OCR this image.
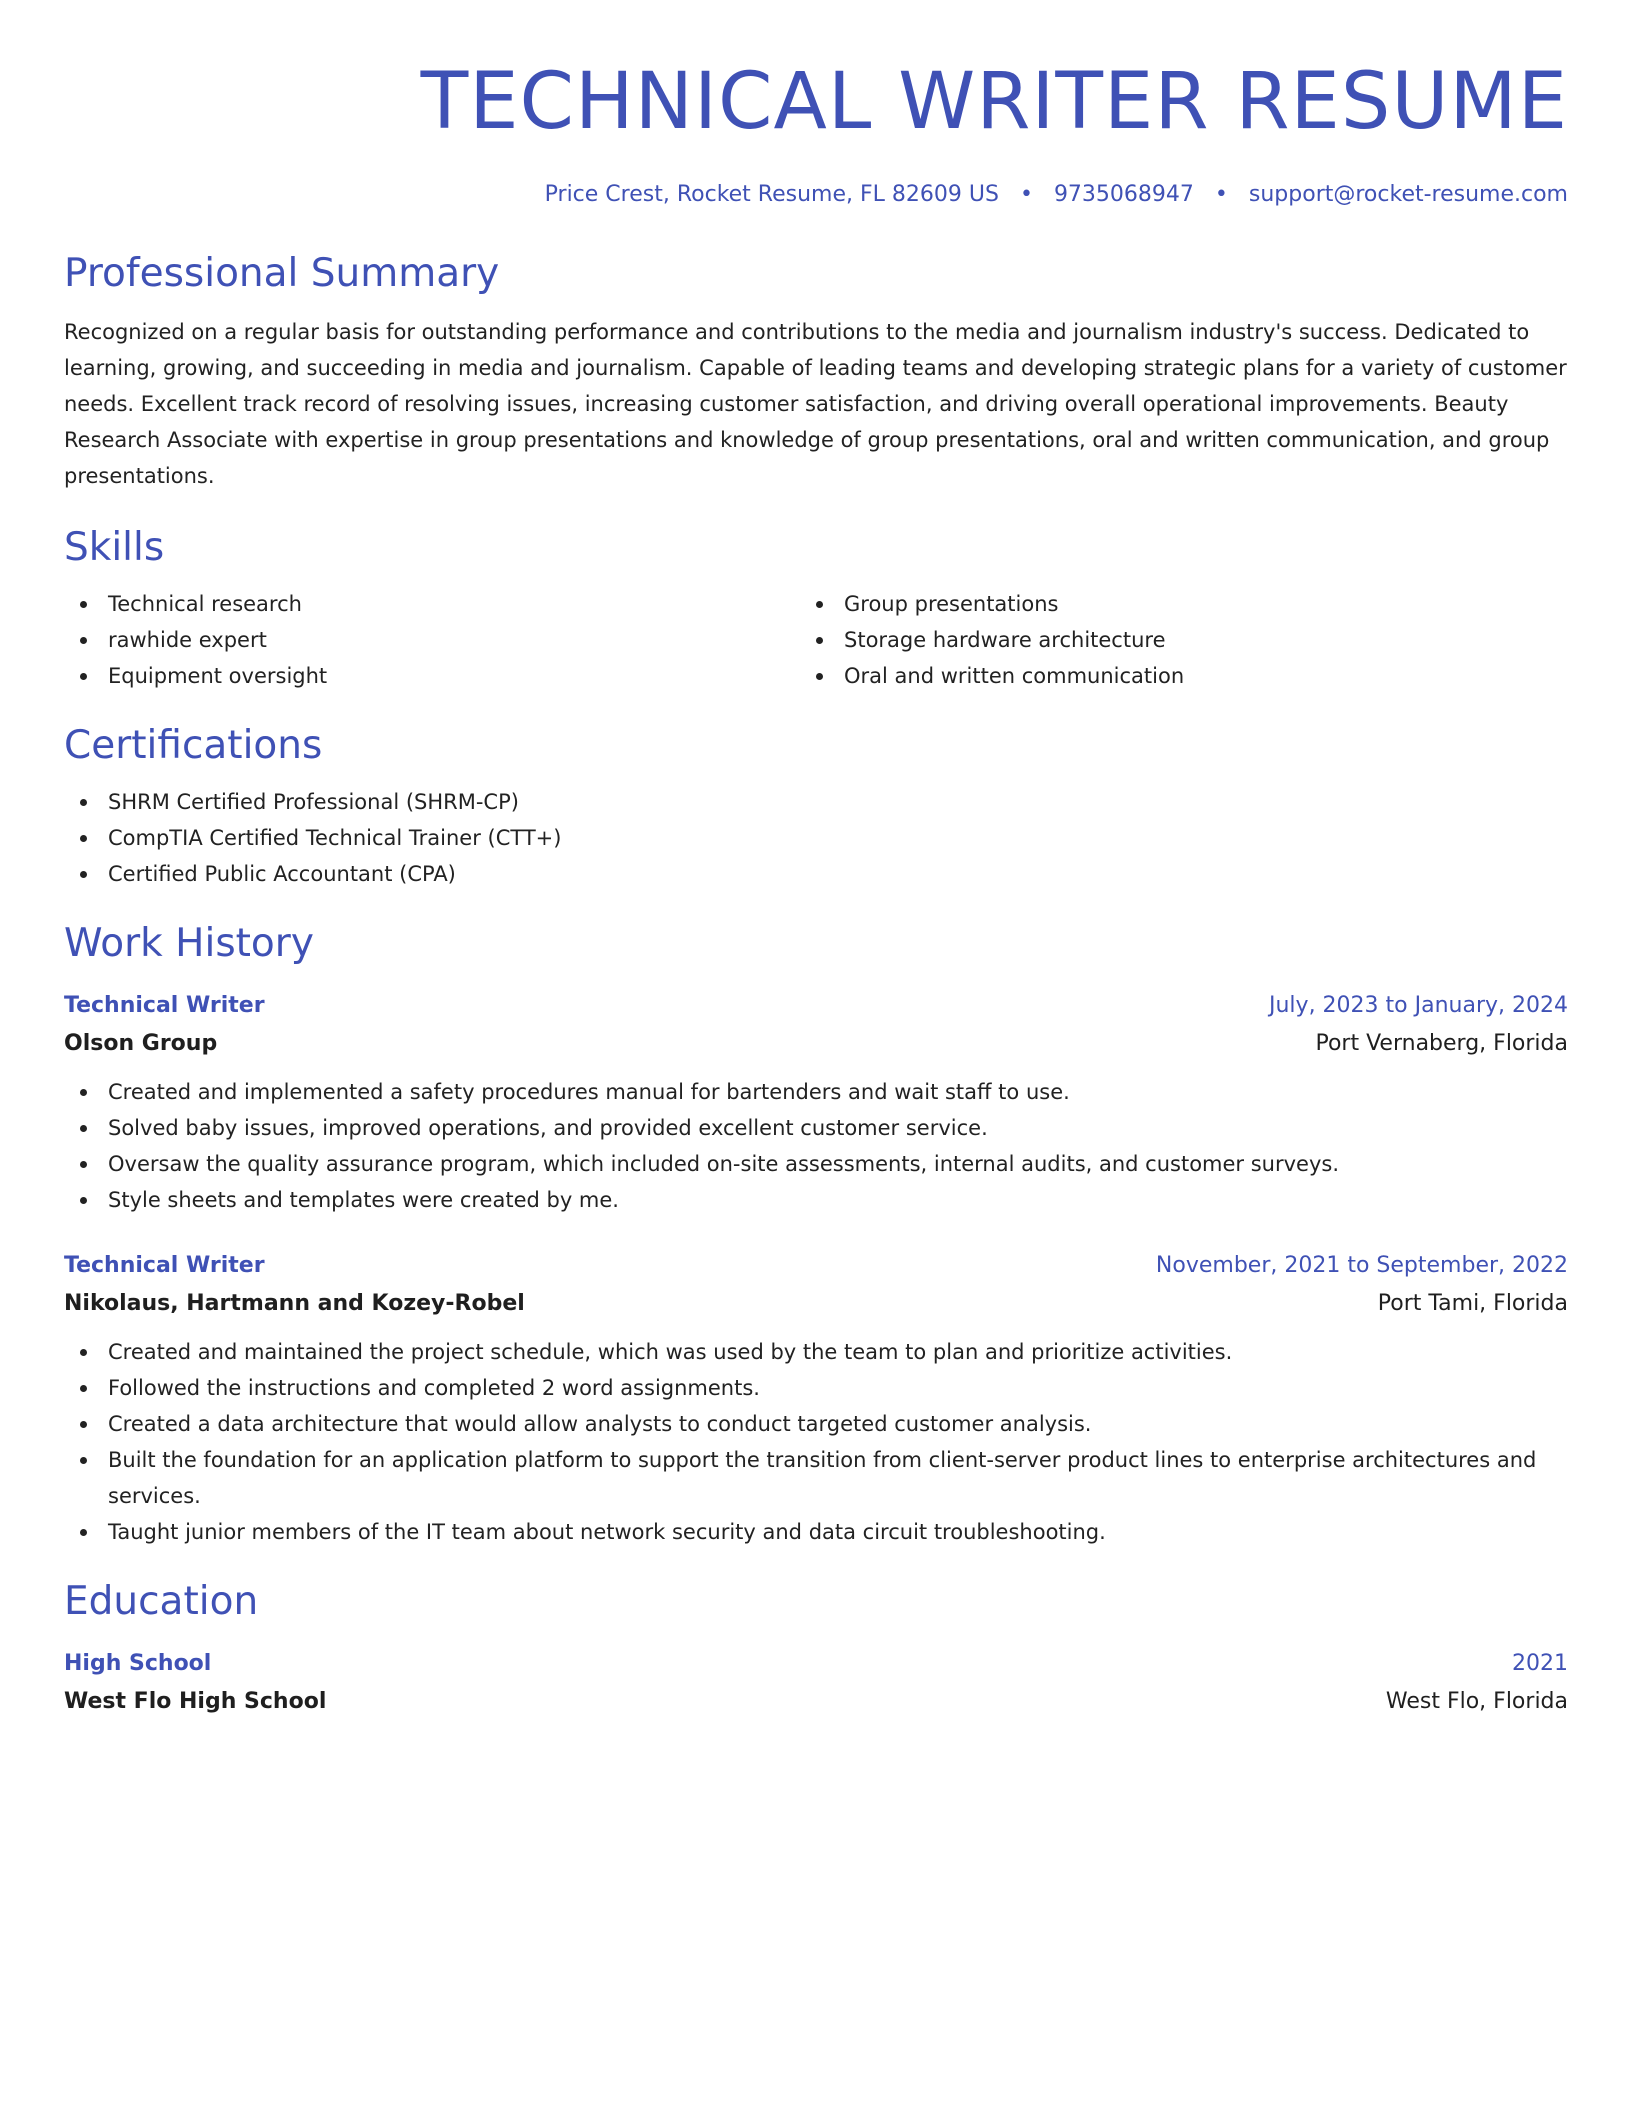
TECHNICAL WRITER RESUME
Price Crest, Rocket Resume, FL 82609 US • 9735068947 • support@rocket-resume.com
Professional Summary

Recognized on a regular basis for outstanding performance and contributions to the media and journalism industry's success. Dedicated to learning, growing, and succeeding in media and journalism. Capable of leading teams and developing strategic plans for a variety of customer needs. Excellent track record of resolving issues, increasing customer satisfaction, and driving overall operational improvements. Beauty Research Associate with expertise in group presentations and knowledge of group presentations, oral and written communication, and group presentations.

Skills
Technical research
rawhide expert
Equipment oversight
Group presentations
Storage hardware architecture
Oral and written communication
Certifications
SHRM Certified Professional (SHRM-CP)
CompTIA Certified Technical Trainer (CTT+)
Certified Public Accountant (CPA)
Work History
Technical Writer	July, 2023 to January, 2024
Olson Group	Port Vernaberg, Florida
Created and implemented a safety procedures manual for bartenders and wait staff to use.
Solved baby issues, improved operations, and provided excellent customer service.
Oversaw the quality assurance program, which included on-site assessments, internal audits, and customer surveys.
Style sheets and templates were created by me.
Technical Writer	November, 2021 to September, 2022
Nikolaus, Hartmann and Kozey-Robel	Port Tami, Florida
Created and maintained the project schedule, which was used by the team to plan and prioritize activities.
Followed the instructions and completed 2 word assignments.
Created a data architecture that would allow analysts to conduct targeted customer analysis.
Built the foundation for an application platform to support the transition from client-server product lines to enterprise architectures and services.
Taught junior members of the IT team about network security and data circuit troubleshooting.
Education
High School	2021
West Flo High School	West Flo, Florida
